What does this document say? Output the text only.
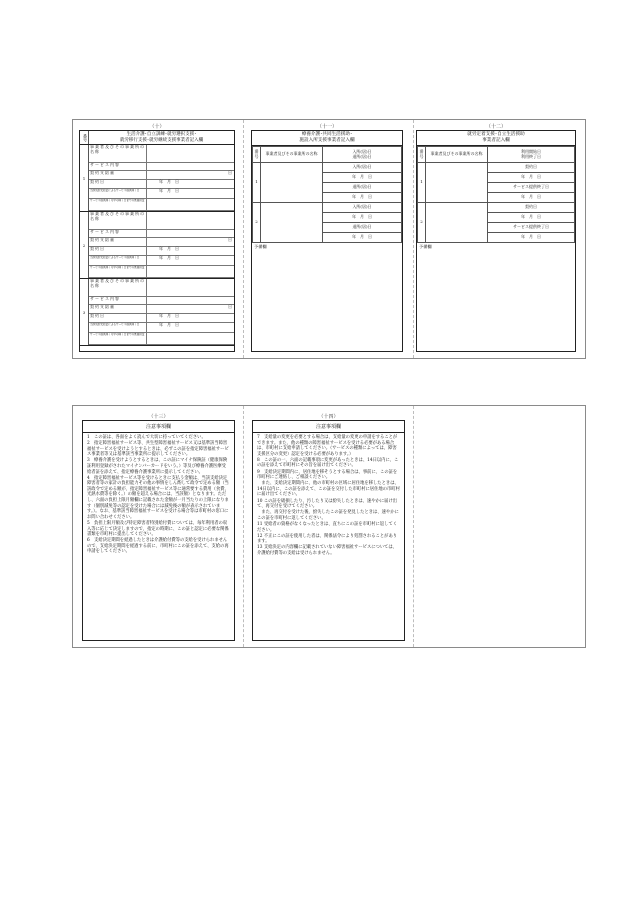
（十）
番号	生活介護･自立訓練･就労選択支援･
就労移行支援･就労継続支援事業者記入欄
1
事業者及びその事業所の名称
サービス内容
契約支給量	日
契約日	年　月　日
当該契約支給量によるサービス提供終了日	年　月　日
サービス提供終了月中の終了日までの既提供量
2
事業者及びその事業所の名称
サービス内容
契約支給量	日
契約日	年　月　日
当該契約支給量によるサービス提供終了日	年　月　日
サービス提供終了月中の終了日までの既提供量
3
事業者及びその事業所の名称
サービス内容
契約支給量	日
契約日	年　月　日
当該契約支給量によるサービス提供終了日	年　月　日
サービス提供終了月中の終了日までの既提供量
（十一）
療養介護･共同生活援助･
施設入所支援事業者記入欄
番号	事業者及びその事業所の名称	入所(居)日
退所(居)日

1		入所(居)日
		年　月　日
		退所(居)日
		年　月　日
2		入所(居)日
		年　月　日
		退所(居)日
		年　月　日
予備欄
（十二）
就労定着支援･自立生活援助
事業者記入欄
番号	事業者及びその事業所の名称	利用開始日
利用終了日

1		契約日
		年　月　日
		サービス提供終了日
		年　月　日
2		契約日
		年　月　日
		サービス提供終了日
		年　月　日
予備欄
（十三）
注意事項欄

1　この証は、各面をよく読んで大切に持っていてください。

2　指定障害福祉サービス等、共生型障害福祉サービス又は基準該当障害福祉サービスを受けようとするときは、必ずこの証を指定障害福祉サービス事業者等又は基準該当事業所に提示してください。

3　療養介護を受けようとするときは、この証にマイナ保険証（健康保険証利用登録がされたマイナンバーカードをいう。）等及び療養介護医療受給者証を添えて、指定療養介護事業所に提示してください。

4　指定障害福祉サービス等を受けるときに支払う金額は、当該支給決定障害者等の家計の負担能力その他の事情をしん酌して政令で定める額（当該政令で定める額が、指定障害福祉サービス等に通常要する費用（食費、光熱水費等を除く。）の額を超える場合には、当該額）となります。ただし、六面の負担上限月額欄に記載された金額が一月当たりの上限になります（個別減免等の認定を受けた場合には減免後の額が表示されています。）。なお、基準該当障害福祉サービスを受ける場合等は市町村の窓口にお問い合わせください。

5　負担上限月額及び特定障害者特別給付費については、毎年利用者の収入等に応じて決定しますので、指定の時期に、この証と認定に必要な関係書類を市町村に提出してください。

6　支給決定期間を経過したときは介護給付費等の支給を受けられませんので、支給決定期間を経過する前に、市町村にこの証を添えて、支給の再申請をしてください。

（十四）
注意事項欄

7　支給量の変更を必要とする場合は、支給量の変更の申請をすることができます。また、他の種類の障害福祉サービスを受ける必要がある場合は、市町村に支給申請してください。（サービスの種類によっては、障害支援区分の変更）認定を受ける必要があります。）

8　この証の一、六面の記載事項に変更があったときは、14日以内に、この証を添えて市町村にその旨を届け出てください。

9　支給決定期間内に、居住地を移そうとする場合は、事前に、この証を市町村にご連絡し、ご相談ください。

　また、支給決定期間内に、他の市町村の区域に居住地を移したときは、14日以内に、この証を添えて、この証を交付した市町村に居住地の市町村に届け出てください。

10 この証を破損したり、汚したり又は紛失したときは、速やかに届け出て、再交付を受けてください。

　また、再交付を受けた後、紛失したこの証を発見したときは、速やかにこの証を市町村に返してください。

11 受給者の資格がなくなったときは、直ちにこの証を市町村に返してください。

12 不正にこの証を使用した者は、関係法令により処罰されることがあります。

13 支給決定の内容欄に記載されていない障害福祉サービスについては、介護給付費等の支給は受けられません。
